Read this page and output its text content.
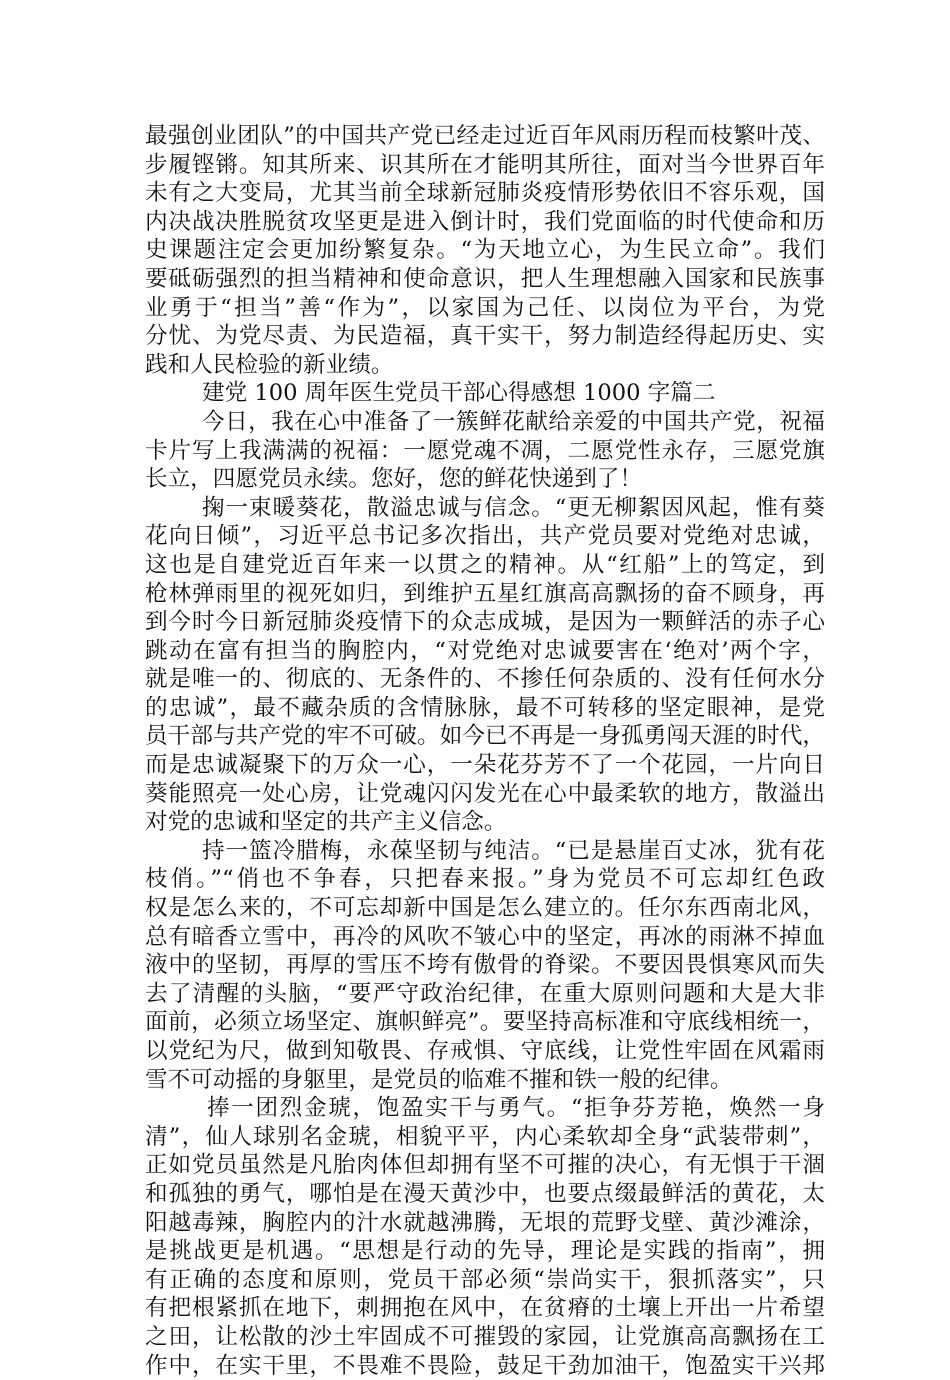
最强创业团队”的中国共产党已经走过近百年风雨历程而枝繁叶茂、
步履铿锵。知其所来、识其所在才能明其所往，面对当今世界百年
未有之大变局，尤其当前全球新冠肺炎疫情形势依旧不容乐观，国
内决战决胜脱贫攻坚更是进入倒计时，我们党面临的时代使命和历
史课题注定会更加纷繁复杂。“为天地立心，为生民立命”。我们
要砥砺强烈的担当精神和使命意识，把人生理想融入国家和民族事
业勇于“担当”善“作为”，以家国为己任、以岗位为平台，为党
分忧、为党尽责、为民造福，真干实干，努力制造经得起历史、实
践和人民检验的新业绩。
建党 100 周年医生党员干部心得感想 1000 字篇二
今日，我在心中准备了一簇鲜花献给亲爱的中国共产党，祝福
卡片写上我满满的祝福：一愿党魂不凋，二愿党性永存，三愿党旗
长立，四愿党员永续。您好，您的鲜花快递到了！
掬一束暖葵花，散溢忠诚与信念。“更无柳絮因风起，惟有葵
花向日倾”，习近平总书记多次指出，共产党员要对党绝对忠诚，
这也是自建党近百年来一以贯之的精神。从“红船”上的笃定，到
枪林弹雨里的视死如归，到维护五星红旗高高飘扬的奋不顾身，再
到今时今日新冠肺炎疫情下的众志成城，是因为一颗鲜活的赤子心
跳动在富有担当的胸腔内，“对党绝对忠诚要害在‘绝对’两个字，
就是唯一的、彻底的、无条件的、不掺任何杂质的、没有任何水分
的忠诚”，最不藏杂质的含情脉脉，最不可转移的坚定眼神，是党
员干部与共产党的牢不可破。如今已不再是一身孤勇闯天涯的时代，
而是忠诚凝聚下的万众一心，一朵花芬芳不了一个花园，一片向日
葵能照亮一处心房，让党魂闪闪发光在心中最柔软的地方，散溢出
对党的忠诚和坚定的共产主义信念。
持一篮冷腊梅，永葆坚韧与纯洁。“已是悬崖百丈冰，犹有花
枝俏。”“俏也不争春，只把春来报。”身为党员不可忘却红色政
权是怎么来的，不可忘却新中国是怎么建立的。任尔东西南北风，
总有暗香立雪中，再冷的风吹不皱心中的坚定，再冰的雨淋不掉血
液中的坚韧，再厚的雪压不垮有傲骨的脊梁。不要因畏惧寒风而失
去了清醒的头脑，“要严守政治纪律，在重大原则问题和大是大非
面前，必须立场坚定、旗帜鲜亮”。要坚持高标准和守底线相统一，
以党纪为尺，做到知敬畏、存戒惧、守底线，让党性牢固在风霜雨
雪不可动摇的身躯里，是党员的临难不摧和铁一般的纪律。
捧一团烈金琥，饱盈实干与勇气。“拒争芬芳艳，焕然一身
清”，仙人球别名金琥，相貌平平，内心柔软却全身“武装带刺”，
正如党员虽然是凡胎肉体但却拥有坚不可摧的决心，有无惧于干涸
和孤独的勇气，哪怕是在漫天黄沙中，也要点缀最鲜活的黄花，太
阳越毒辣，胸腔内的汁水就越沸腾，无垠的荒野戈壁、黄沙滩涂，
是挑战更是机遇。“思想是行动的先导，理论是实践的指南”，拥
有正确的态度和原则，党员干部必须“崇尚实干，狠抓落实”，只
有把根紧抓在地下，刺拥抱在风中，在贫瘠的土壤上开出一片希望
之田，让松散的沙土牢固成不可摧毁的家园，让党旗高高飘扬在工
作中，在实干里，不畏难不畏险，鼓足干劲加油干，饱盈实干兴邦
